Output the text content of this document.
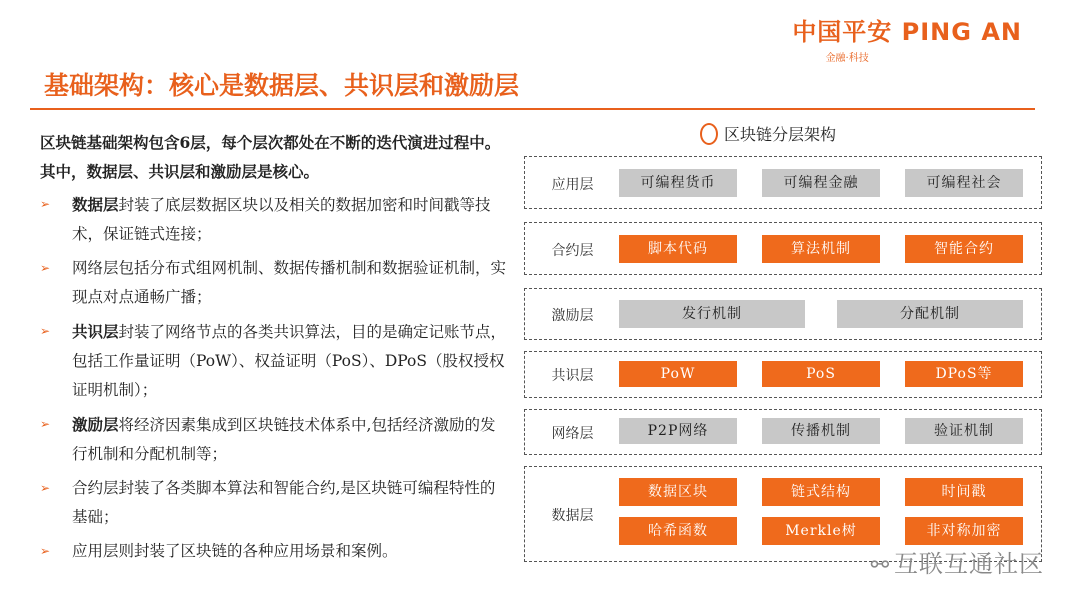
中国平安 PING AN
金融·科技
基础架构：核心是数据层、共识层和激励层
区块链基础架构包含6层，每个层次都处在不断的迭代演进过程中。其中，数据层、共识层和激励层是核心。
➢ 数据层封装了底层数据区块以及相关的数据加密和时间戳等技术，保证链式连接；
➢ 网络层包括分布式组网机制、数据传播机制和数据验证机制，实现点对点通畅广播；
➢ 共识层封装了网络节点的各类共识算法，目的是确定记账节点，包括工作量证明（PoW）、权益证明（PoS）、DPoS（股权授权证明机制）；
➢ 激励层将经济因素集成到区块链技术体系中,包括经济激励的发行机制和分配机制等；
➢ 合约层封装了各类脚本算法和智能合约,是区块链可编程特性的基础；
➢ 应用层则封装了区块链的各种应用场景和案例。
区块链分层架构
应用层	可编程货币	可编程金融	可编程社会
合约层	脚本代码	算法机制	智能合约
激励层	发行机制	分配机制
共识层	PoW	PoS	DPoS等
网络层	P2P网络	传播机制	验证机制
数据层
数据区块	链式结构	时间戳
哈希函数	Merkle树	非对称加密
⚯ 互联互通社区
